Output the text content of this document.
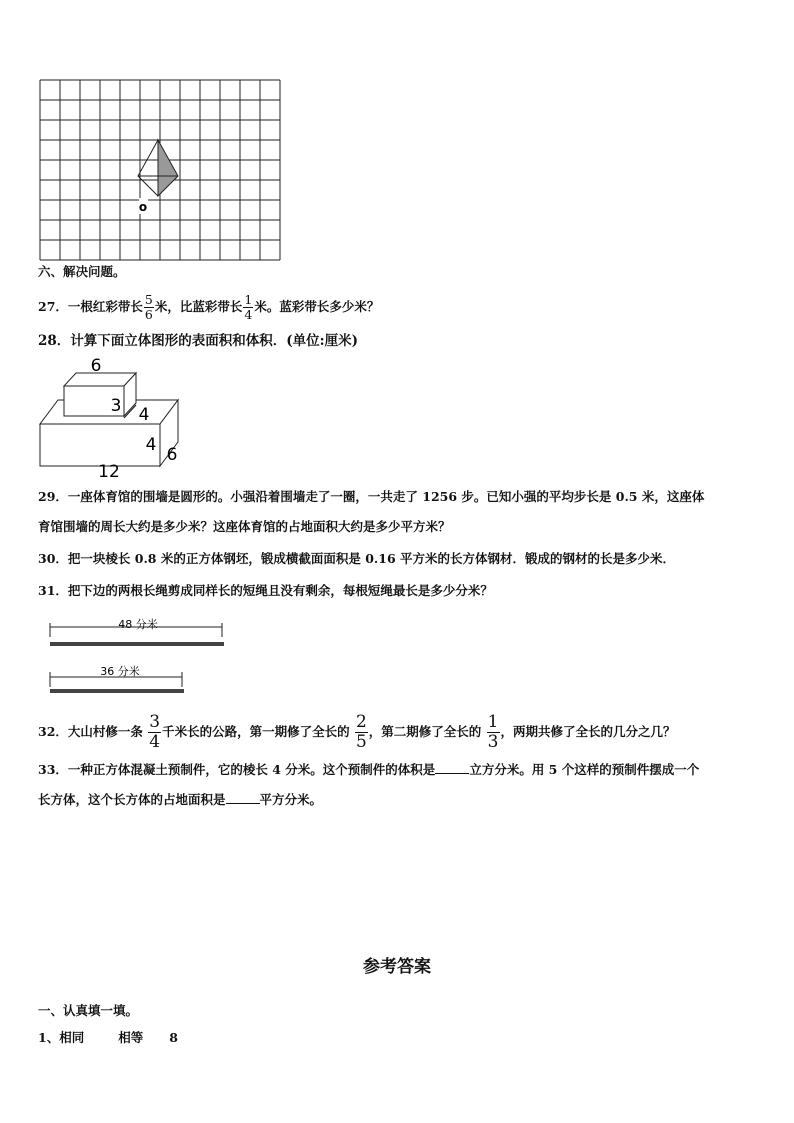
o
六、解决问题。
27．一根红彩带长 $\frac{5}{6}$ 米，比蓝彩带长 $\frac{1}{4}$ 米。蓝彩带长多少米？
28．计算下面立体图形的表面积和体积．(单位:厘米)
6
3 4
4 6
12
29．一座体育馆的围墙是圆形的。小强沿着围墙走了一圈，一共走了 1256 步。已知小强的平均步长是 0.5 米，这座体
育馆围墙的周长大约是多少米？这座体育馆的占地面积大约是多少平方米？
30．把一块棱长 0.8 米的正方体钢坯，锻成横截面面积是 0.16 平方米的长方体钢材．锻成的钢材的长是多少米．
31．把下边的两根长绳剪成同样长的短绳且没有剩余，每根短绳最长是多少分米？
48 分米
36 分米
32．大山村修一条 $\frac{3}{4}$ 千米长的公路，第一期修了全长的 $\frac{2}{5}$ ，第二期修了全长的 $\frac{1}{3}$ ，两期共修了全长的几分之几？
33．一种正方体混凝土预制件，它的棱长 4 分米。这个预制件的体积是	立方分米。用 5 个这样的预制件摆成一个
长方体，这个长方体的占地面积是	平方分米。
参考答案
一、认真填一填。
1、相同	相等 8
